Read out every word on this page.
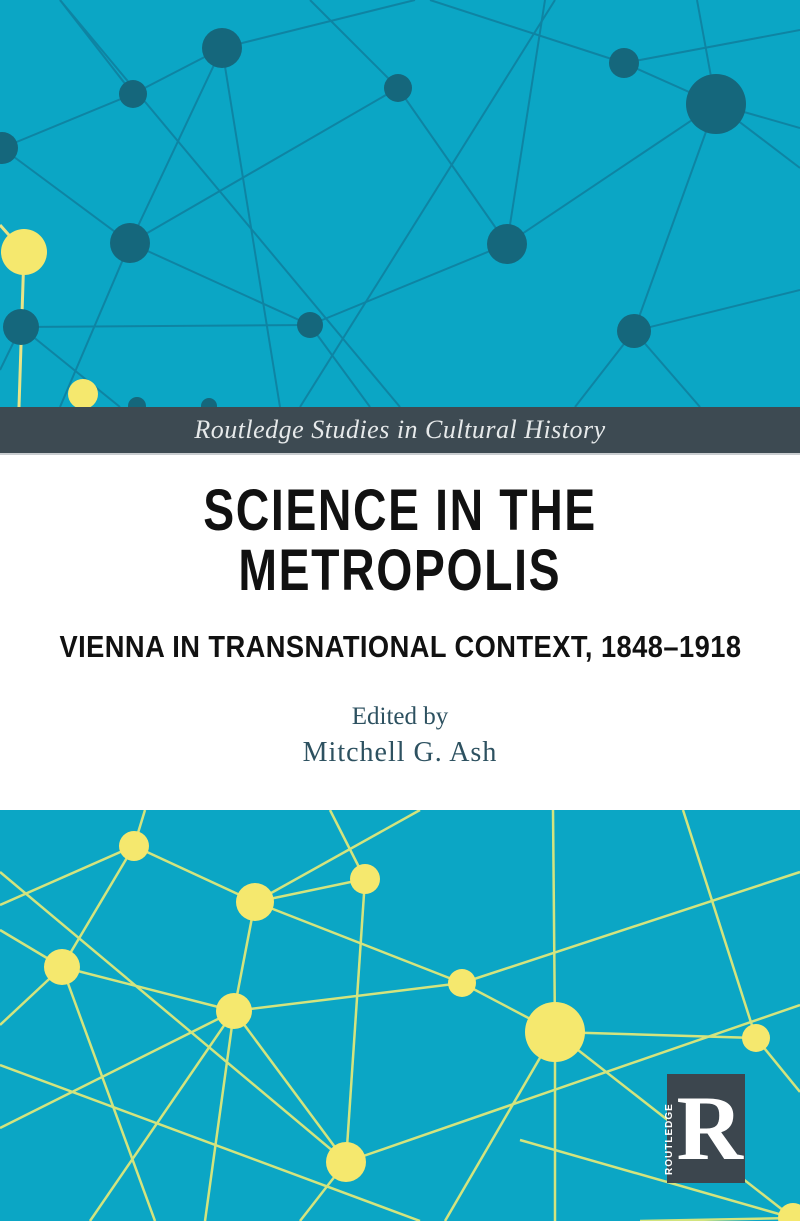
Routledge Studies in Cultural History
SCIENCE IN THE
METROPOLIS
VIENNA IN TRANSNATIONAL CONTEXT, 1848–1918
Edited by
Mitchell G. Ash
R
ROUTLEDGE
